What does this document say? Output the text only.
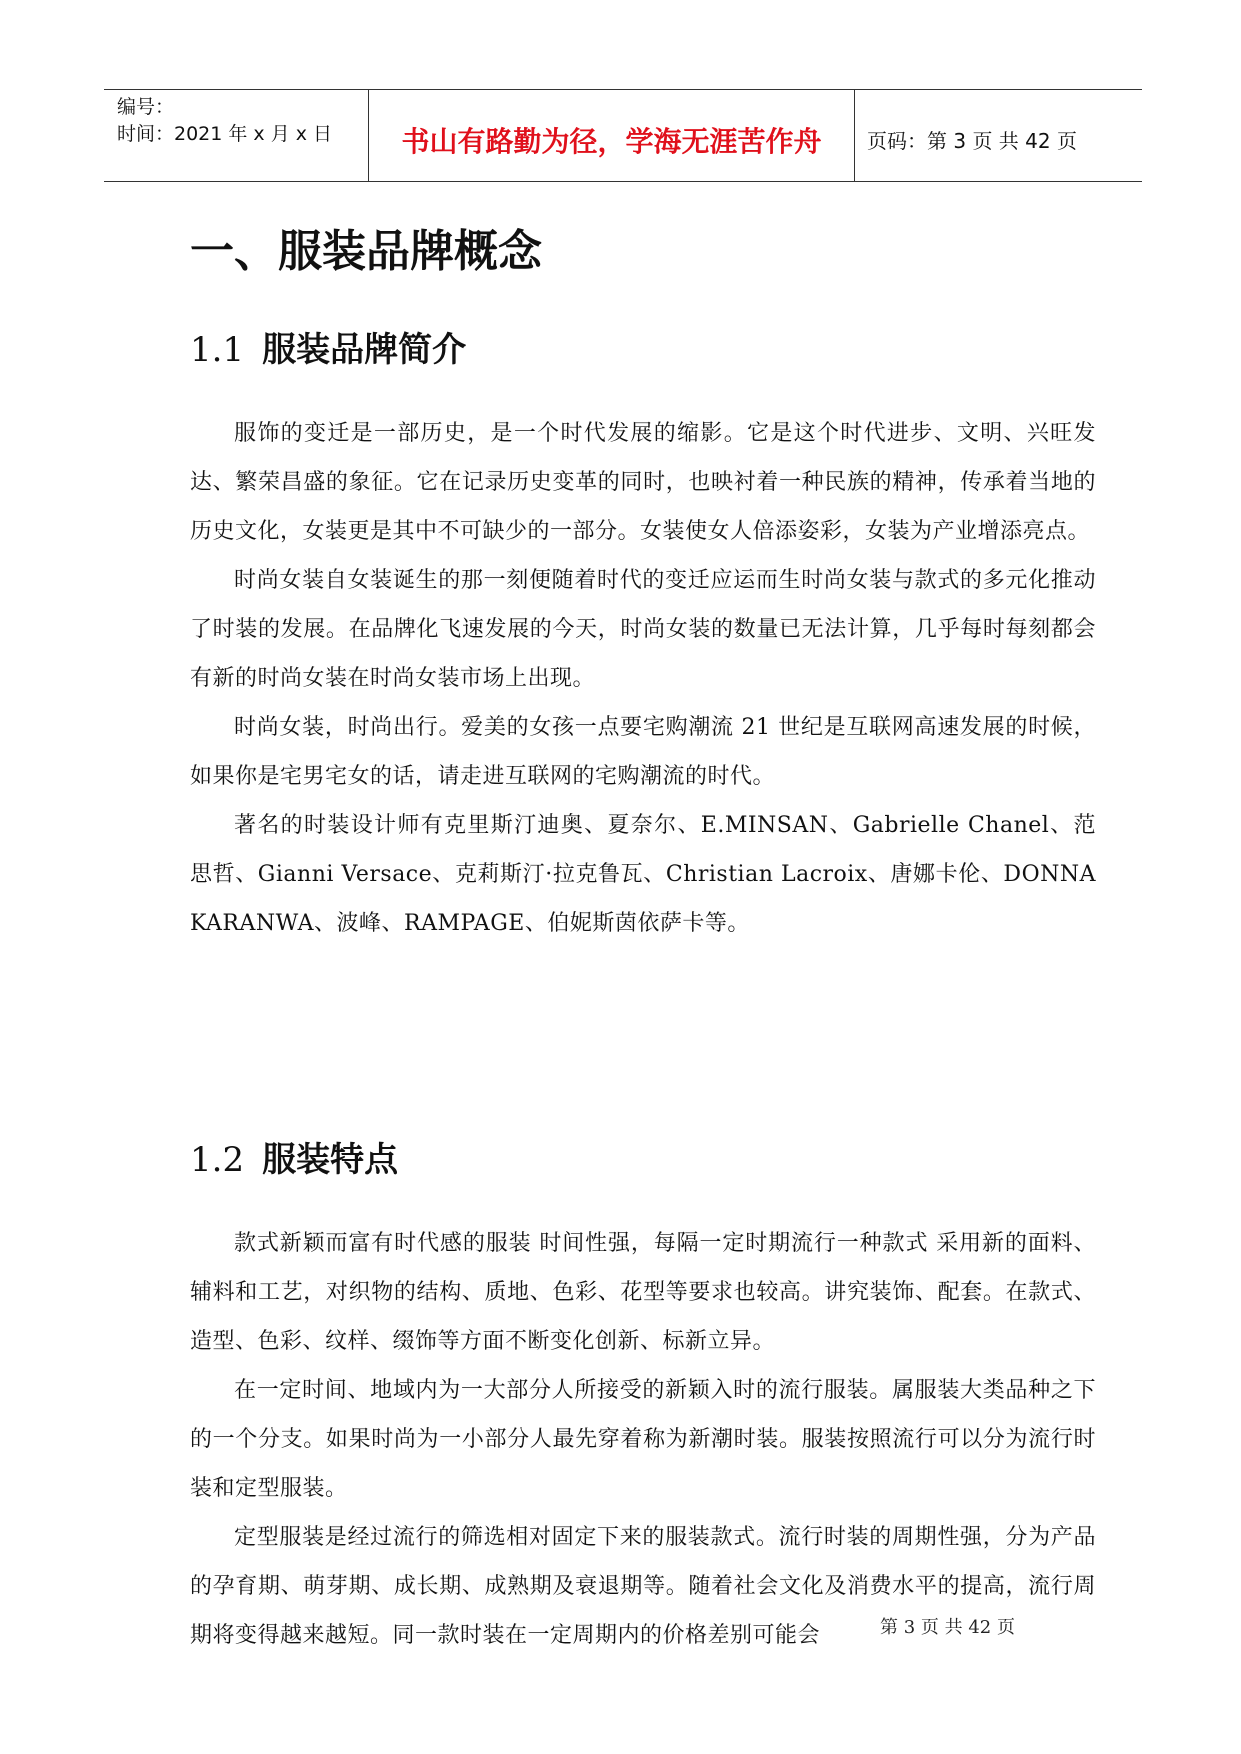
编号：
时间：2021 年 x 月 x 日	书山有路勤为径，学海无涯苦作舟	页码：第 3 页 共 42 页
一、服装品牌概念
1.1 服装品牌简介

服饰的变迁是一部历史，是一个时代发展的缩影。它是这个时代进步、文明、兴旺发达、繁荣昌盛的象征。它在记录历史变革的同时，也映衬着一种民族的精神，传承着当地的历史文化，女装更是其中不可缺少的一部分。女装使女人倍添姿彩，女装为产业增添亮点。

时尚女装自女装诞生的那一刻便随着时代的变迁应运而生时尚女装与款式的多元化推动了时装的发展。在品牌化飞速发展的今天，时尚女装的数量已无法计算，几乎每时每刻都会有新的时尚女装在时尚女装市场上出现。

时尚女装，时尚出行。爱美的女孩一点要宅购潮流 21 世纪是互联网高速发展的时候，如果你是宅男宅女的话，请走进互联网的宅购潮流的时代。

著名的时装设计师有克里斯汀迪奥、夏奈尔、E.MINSAN、Gabrielle Chanel、范思哲、Gianni Versace、克莉斯汀·拉克鲁瓦、Christian Lacroix、唐娜卡伦、DONNA KARANWA、波峰、RAMPAGE、伯妮斯茵依萨卡等。

1.2 服装特点

款式新颖而富有时代感的服装 时间性强，每隔一定时期流行一种款式 采用新的面料、辅料和工艺，对织物的结构、质地、色彩、花型等要求也较高。讲究装饰、配套。在款式、造型、色彩、纹样、缀饰等方面不断变化创新、标新立异。

在一定时间、地域内为一大部分人所接受的新颖入时的流行服装。属服装大类品种之下的一个分支。如果时尚为一小部分人最先穿着称为新潮时装。服装按照流行可以分为流行时装和定型服装。

定型服装是经过流行的筛选相对固定下来的服装款式。流行时装的周期性强，分为产品的孕育期、萌芽期、成长期、成熟期及衰退期等。随着社会文化及消费水平的提高，流行周期将变得越来越短。同一款时装在一定周期内的价格差别可能会	第 3 页 共 42 页
